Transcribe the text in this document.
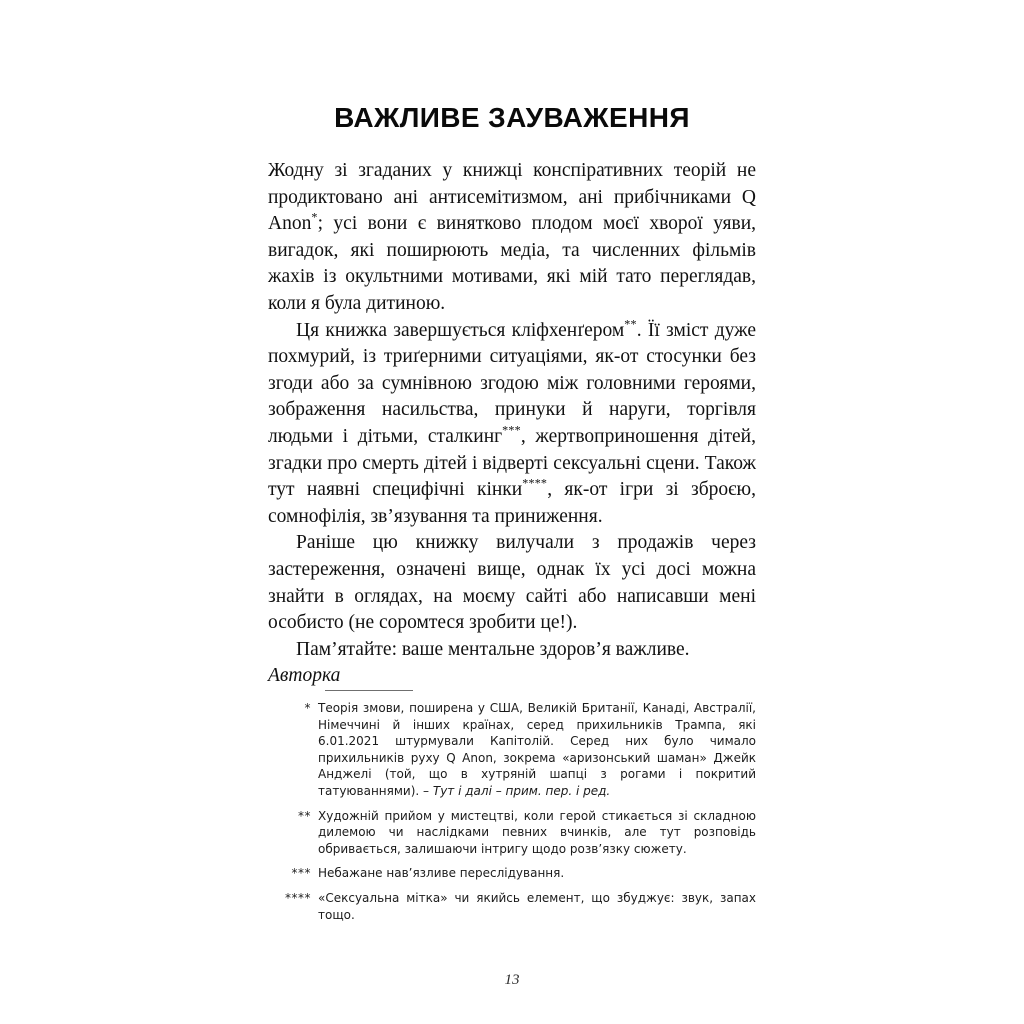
ВАЖЛИВЕ ЗАУВАЖЕННЯ

Жодну зі згаданих у книжці конспіративних теорій не продиктовано ані антисемітизмом, ані прибічниками Q Anon*; усі вони є винятково плодом моєї хворої уяви, вигадок, які поширюють медіа, та численних фільмів жахів із окультними мотивами, які мій тато переглядав, коли я була дитиною.

Ця книжка завершується кліфхенґером**. Її зміст дуже похмурий, із триґерними ситуаціями, як-от стосунки без згоди або за сумнівною згодою між головними героями, зображення насильства, принуки й наруги, торгівля людьми і дітьми, сталкинг***, жертвоприношення дітей, згадки про смерть дітей і відверті сексуальні сцени. Також тут наявні специфічні кінки****, як-от ігри зі зброєю, сомнофілія, зв’язування та приниження.

Раніше цю книжку вилучали з продажів через застереження, означені вище, однак їх усі досі можна знайти в оглядах, на моєму сайті або написавши мені особисто (не соромтеся зробити це!).

Пам’ятайте: ваше ментальне здоров’я важливе.

Авторка

* Теорія змови, поширена у США, Великій Британії, Канаді, Австралії, Німеччині й інших країнах, серед прихильників Трампа, які 6.01.2021 штурмували Капітолій. Серед них було чимало прихильників руху Q Anon, зокрема «аризонський шаман» Джейк Анджелі (той, що в хутряній шапці з рогами і покритий татуюваннями). – Тут і далі – прим. пер. і ред.
** Художній прийом у мистецтві, коли герой стикається зі складною дилемою чи наслідками певних вчинків, але тут розповідь обривається, залишаючи інтригу щодо розв’язку сюжету.
*** Небажане нав’язливе переслідування.
**** «Сексуальна мітка» чи якийсь елемент, що збуджує: звук, запах тощо.
13
